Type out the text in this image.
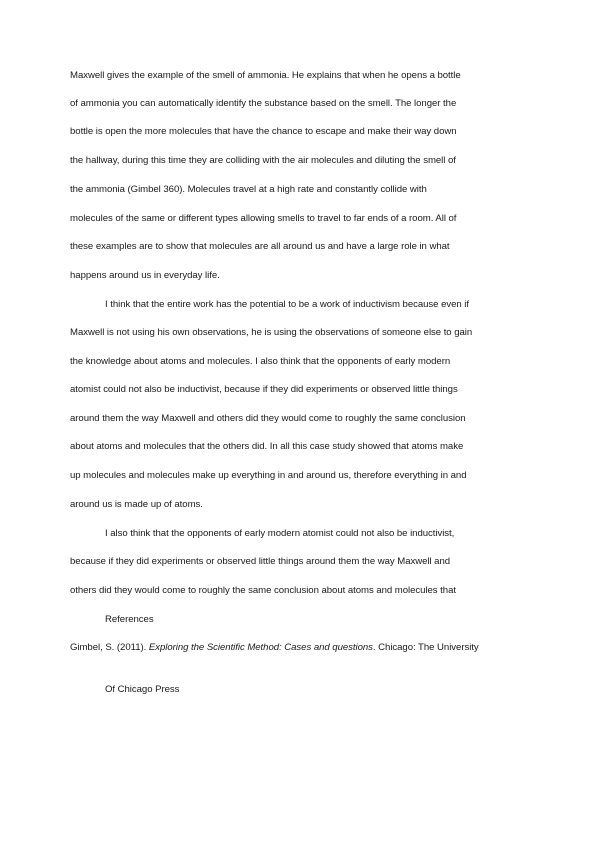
Maxwell gives the example of the smell of ammonia. He explains that when he opens a bottle

of ammonia you can automatically identify the substance based on the smell. The longer the

bottle is open the more molecules that have the chance to escape and make their way down

the hallway, during this time they are colliding with the air molecules and diluting the smell of

the ammonia (Gimbel 360). Molecules travel at a high rate and constantly collide with

molecules of the same or different types allowing smells to travel to far ends of a room. All of

these examples are to show that molecules are all around us and have a large role in what

happens around us in everyday life.

I think that the entire work has the potential to be a work of inductivism because even if

Maxwell is not using his own observations, he is using the observations of someone else to gain

the knowledge about atoms and molecules. I also think that the opponents of early modern

atomist could not also be inductivist, because if they did experiments or observed little things

around them the way Maxwell and others did they would come to roughly the same conclusion

about atoms and molecules that the others did. In all this case study showed that atoms make

up molecules and molecules make up everything in and around us, therefore everything in and

around us is made up of atoms.

I also think that the opponents of early modern atomist could not also be inductivist,

because if they did experiments or observed little things around them the way Maxwell and

others did they would come to roughly the same conclusion about atoms and molecules that

References

Gimbel, S. (2011). Exploring the Scientific Method: Cases and questions. Chicago: The University

Of Chicago Press
